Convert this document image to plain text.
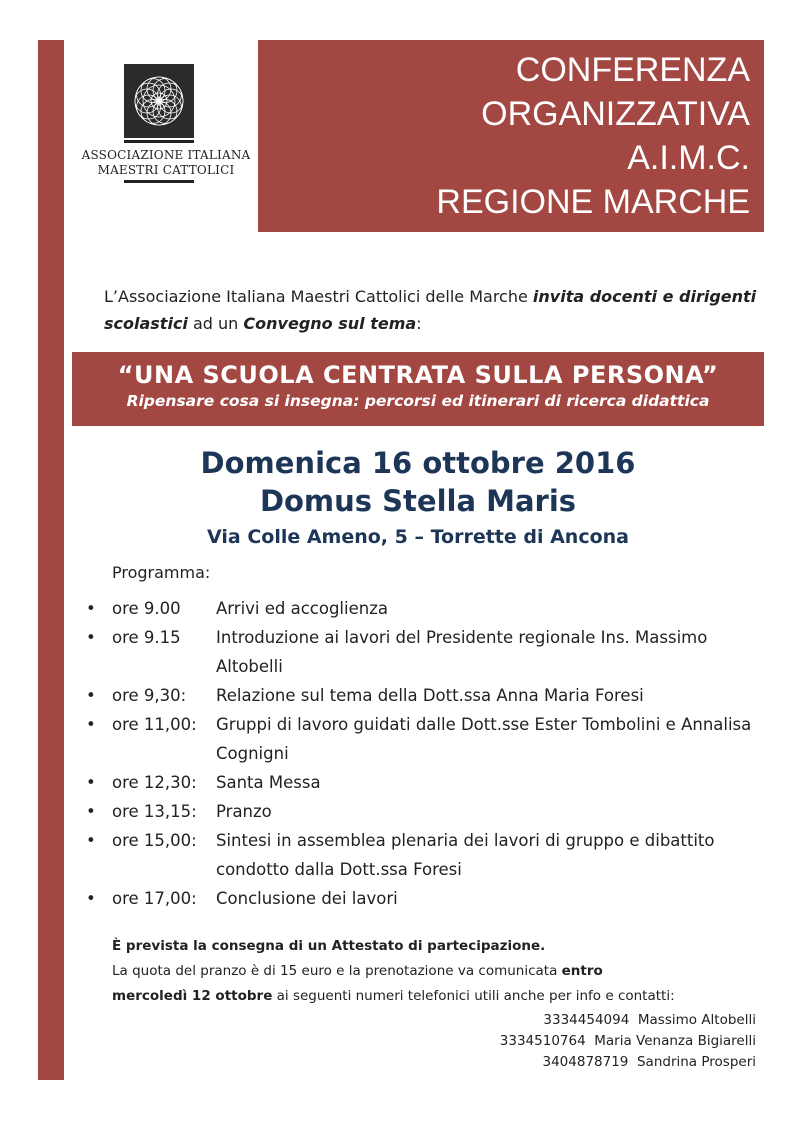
ASSOCIAZIONE ITALIANA
MAESTRI CATTOLICI
CONFERENZA
ORGANIZZATIVA
A.I.M.C.
REGIONE MARCHE
L’Associazione Italiana Maestri Cattolici delle Marche invita docenti e dirigenti scolastici ad un Convegno sul tema:
“UNA SCUOLA CENTRATA SULLA PERSONA”
Ripensare cosa si insegna: percorsi ed itinerari di ricerca didattica
Domenica 16 ottobre 2016
Domus Stella Maris
Via Colle Ameno, 5 – Torrette di Ancona
Programma:
• ore 9.00 Arrivi ed accoglienza
• ore 9.15 Introduzione ai lavori del Presidente regionale Ins. Massimo Altobelli
• ore 9,30: Relazione sul tema della Dott.ssa Anna Maria Foresi
• ore 11,00: Gruppi di lavoro guidati dalle Dott.sse Ester Tombolini e Annalisa Cognigni
• ore 12,30: Santa Messa
• ore 13,15: Pranzo
• ore 15,00: Sintesi in assemblea plenaria dei lavori di gruppo e dibattito condotto dalla Dott.ssa Foresi
• ore 17,00: Conclusione dei lavori
È prevista la consegna di un Attestato di partecipazione.
La quota del pranzo è di 15 euro e la prenotazione va comunicata entro
mercoledì 12 ottobre ai seguenti numeri telefonici utili anche per info e contatti:
3334454094  Massimo Altobelli
3334510764  Maria Venanza Bigiarelli
3404878719  Sandrina Prosperi
